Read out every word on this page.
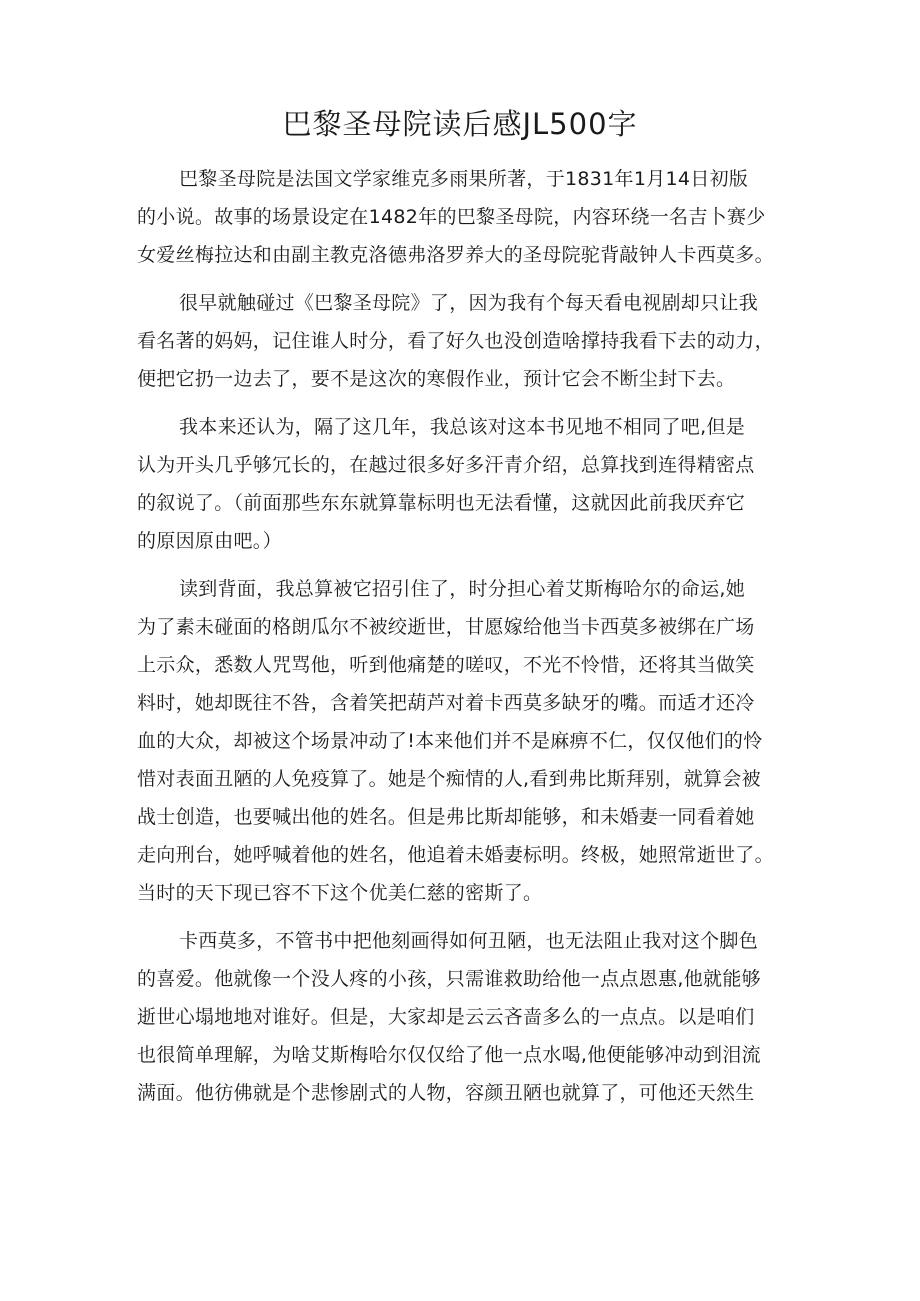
巴黎圣母院读后感JL500字
巴黎圣母院是法国文学家维克多雨果所著，于1831年1月14日初版
的小说。故事的场景设定在1482年的巴黎圣母院，内容环绕一名吉卜赛少
女爱丝梅拉达和由副主教克洛德弗洛罗养大的圣母院驼背敲钟人卡西莫多。
很早就触碰过《巴黎圣母院》了，因为我有个每天看电视剧却只让我
看名著的妈妈，记住谁人时分，看了好久也没创造啥撑持我看下去的动力，
便把它扔一边去了，要不是这次的寒假作业，预计它会不断尘封下去。
我本来还认为，隔了这几年，我总该对这本书见地不相同了吧,但是
认为开头几乎够冗长的，在越过很多好多汗青介绍，总算找到连得精密点
的叙说了。（前面那些东东就算靠标明也无法看懂，这就因此前我厌弃它
的原因原由吧。）
读到背面，我总算被它招引住了，时分担心着艾斯梅哈尔的命运,她
为了素未碰面的格朗瓜尔不被绞逝世，甘愿嫁给他当卡西莫多被绑在广场
上示众，悉数人咒骂他，听到他痛楚的嗟叹，不光不怜惜，还将其当做笑
料时，她却既往不咎，含着笑把葫芦对着卡西莫多缺牙的嘴。而适才还冷
血的大众，却被这个场景冲动了!本来他们并不是麻痹不仁，仅仅他们的怜
惜对表面丑陋的人免疫算了。她是个痴情的人,看到弗比斯拜别，就算会被
战士创造，也要喊出他的姓名。但是弗比斯却能够，和未婚妻一同看着她
走向刑台，她呼喊着他的姓名，他追着未婚妻标明。终极，她照常逝世了。
当时的天下现已容不下这个优美仁慈的密斯了。
卡西莫多，不管书中把他刻画得如何丑陋，也无法阻止我对这个脚色
的喜爱。他就像一个没人疼的小孩，只需谁救助给他一点点恩惠,他就能够
逝世心塌地地对谁好。但是，大家却是云云吝啬多么的一点点。以是咱们
也很简单理解，为啥艾斯梅哈尔仅仅给了他一点水喝,他便能够冲动到泪流
满面。他彷佛就是个悲惨剧式的人物，容颜丑陋也就算了，可他还天然生
